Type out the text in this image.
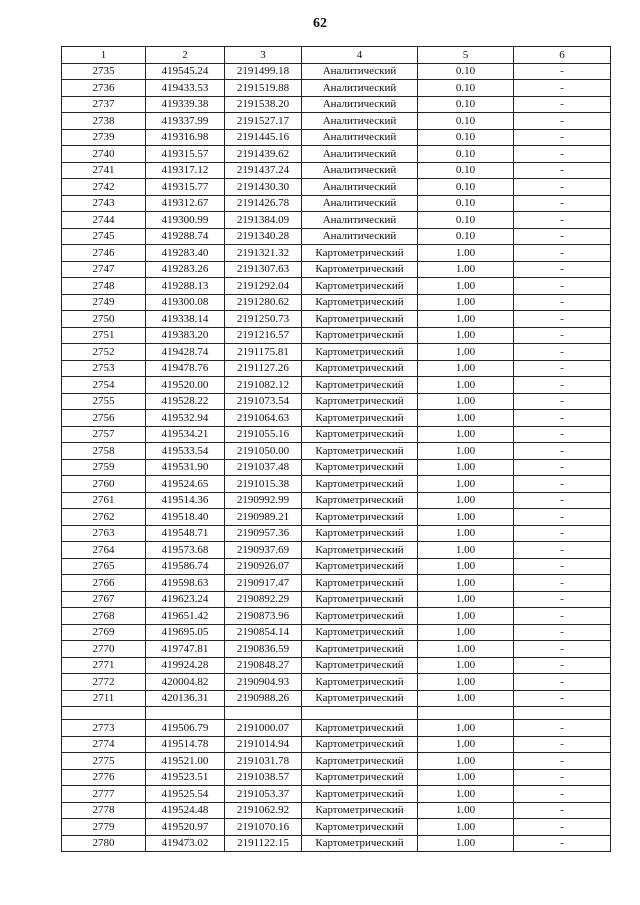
62
1	2	3	4	5	6
2735	419545.24	2191499.18	Аналитический	0.10	-
2736	419433.53	2191519.88	Аналитический	0.10	-
2737	419339.38	2191538.20	Аналитический	0.10	-
2738	419337.99	2191527.17	Аналитический	0.10	-
2739	419316.98	2191445.16	Аналитический	0.10	-
2740	419315.57	2191439.62	Аналитический	0.10	-
2741	419317.12	2191437.24	Аналитический	0.10	-
2742	419315.77	2191430.30	Аналитический	0.10	-
2743	419312.67	2191426.78	Аналитический	0.10	-
2744	419300.99	2191384.09	Аналитический	0.10	-
2745	419288.74	2191340.28	Аналитический	0.10	-
2746	419283.40	2191321.32	Картометрический	1.00	-
2747	419283.26	2191307.63	Картометрический	1.00	-
2748	419288.13	2191292.04	Картометрический	1.00	-
2749	419300.08	2191280.62	Картометрический	1.00	-
2750	419338.14	2191250.73	Картометрический	1.00	-
2751	419383.20	2191216.57	Картометрический	1.00	-
2752	419428.74	2191175.81	Картометрический	1.00	-
2753	419478.76	2191127.26	Картометрический	1.00	-
2754	419520.00	2191082.12	Картометрический	1.00	-
2755	419528.22	2191073.54	Картометрический	1.00	-
2756	419532.94	2191064.63	Картометрический	1.00	-
2757	419534.21	2191055.16	Картометрический	1.00	-
2758	419533.54	2191050.00	Картометрический	1.00	-
2759	419531.90	2191037.48	Картометрический	1.00	-
2760	419524.65	2191015.38	Картометрический	1.00	-
2761	419514.36	2190992.99	Картометрический	1.00	-
2762	419518.40	2190989.21	Картометрический	1.00	-
2763	419548.71	2190957.36	Картометрический	1.00	-
2764	419573.68	2190937.69	Картометрический	1.00	-
2765	419586.74	2190926.07	Картометрический	1.00	-
2766	419598.63	2190917.47	Картометрический	1.00	-
2767	419623.24	2190892.29	Картометрический	1.00	-
2768	419651.42	2190873.96	Картометрический	1.00	-
2769	419695.05	2190854.14	Картометрический	1.00	-
2770	419747.81	2190836.59	Картометрический	1.00	-
2771	419924.28	2190848.27	Картометрический	1.00	-
2772	420004.82	2190904.93	Картометрический	1.00	-
2711	420136.31	2190988.26	Картометрический	1.00	-

2773	419506.79	2191000.07	Картометрический	1.00	-
2774	419514.78	2191014.94	Картометрический	1.00	-
2775	419521.00	2191031.78	Картометрический	1.00	-
2776	419523.51	2191038.57	Картометрический	1.00	-
2777	419525.54	2191053.37	Картометрический	1.00	-
2778	419524.48	2191062.92	Картометрический	1.00	-
2779	419520.97	2191070.16	Картометрический	1.00	-
2780	419473.02	2191122.15	Картометрический	1.00	-
